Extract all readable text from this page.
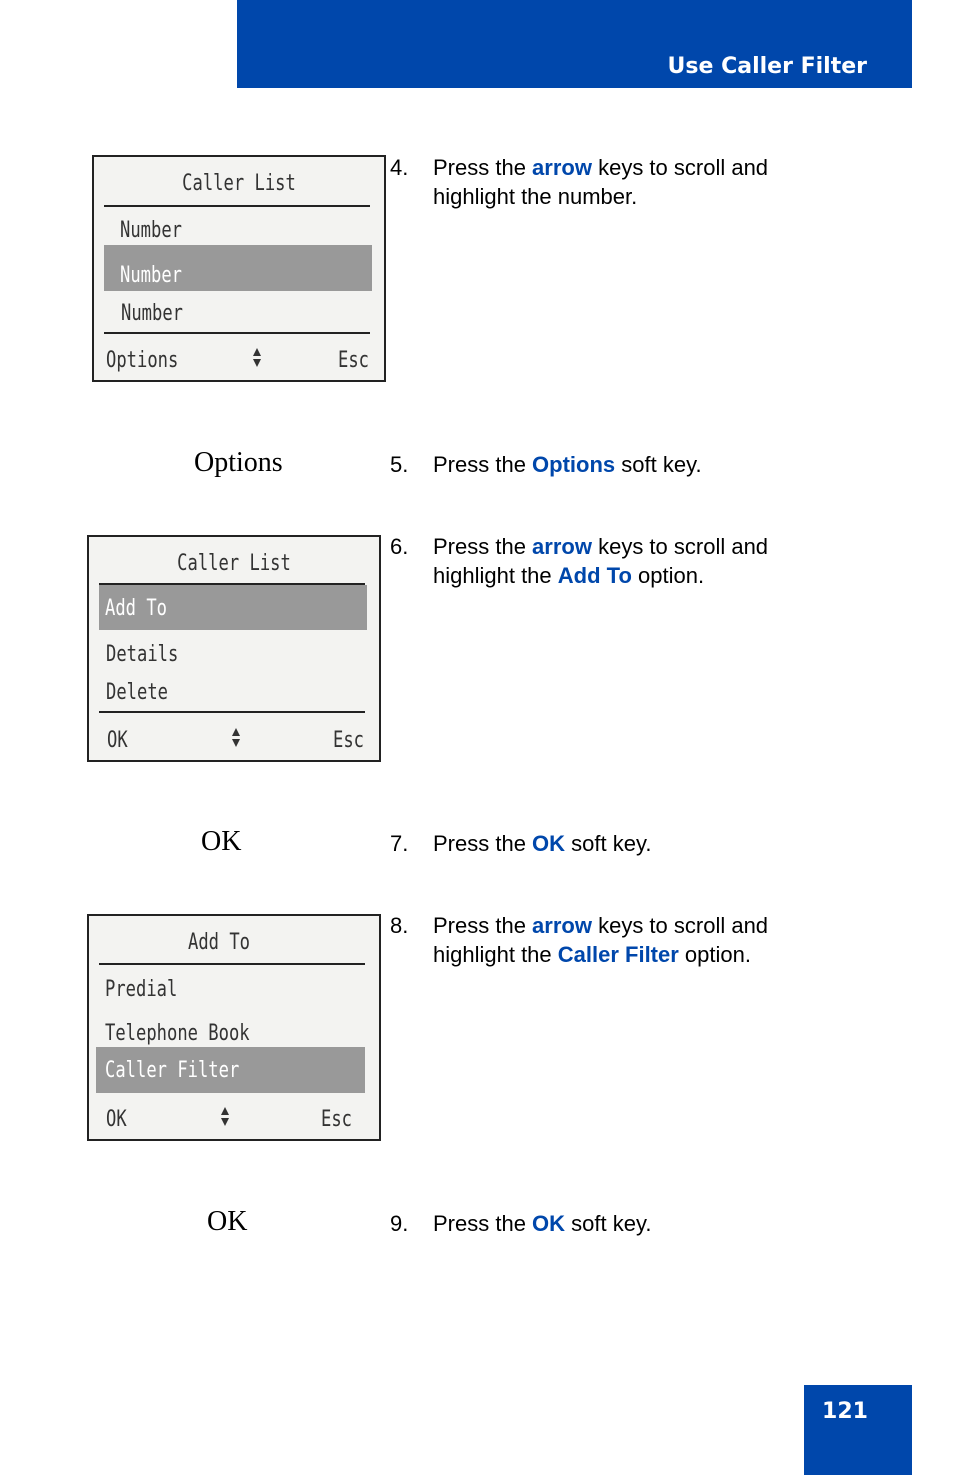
Use Caller Filter
Caller List
Number
Number
Number
Options	Esc
Options
Caller List
Add To
Details
Delete
OK	Esc
OK
Add To
Predial
Telephone Book
Caller Filter
OK	Esc
OK
4. Press the arrow keys to scroll and highlight the number.
5. Press the Options soft key.
6. Press the arrow keys to scroll and highlight the Add To option.
7. Press the OK soft key.
8. Press the arrow keys to scroll and highlight the Caller Filter option.
9. Press the OK soft key.
121
